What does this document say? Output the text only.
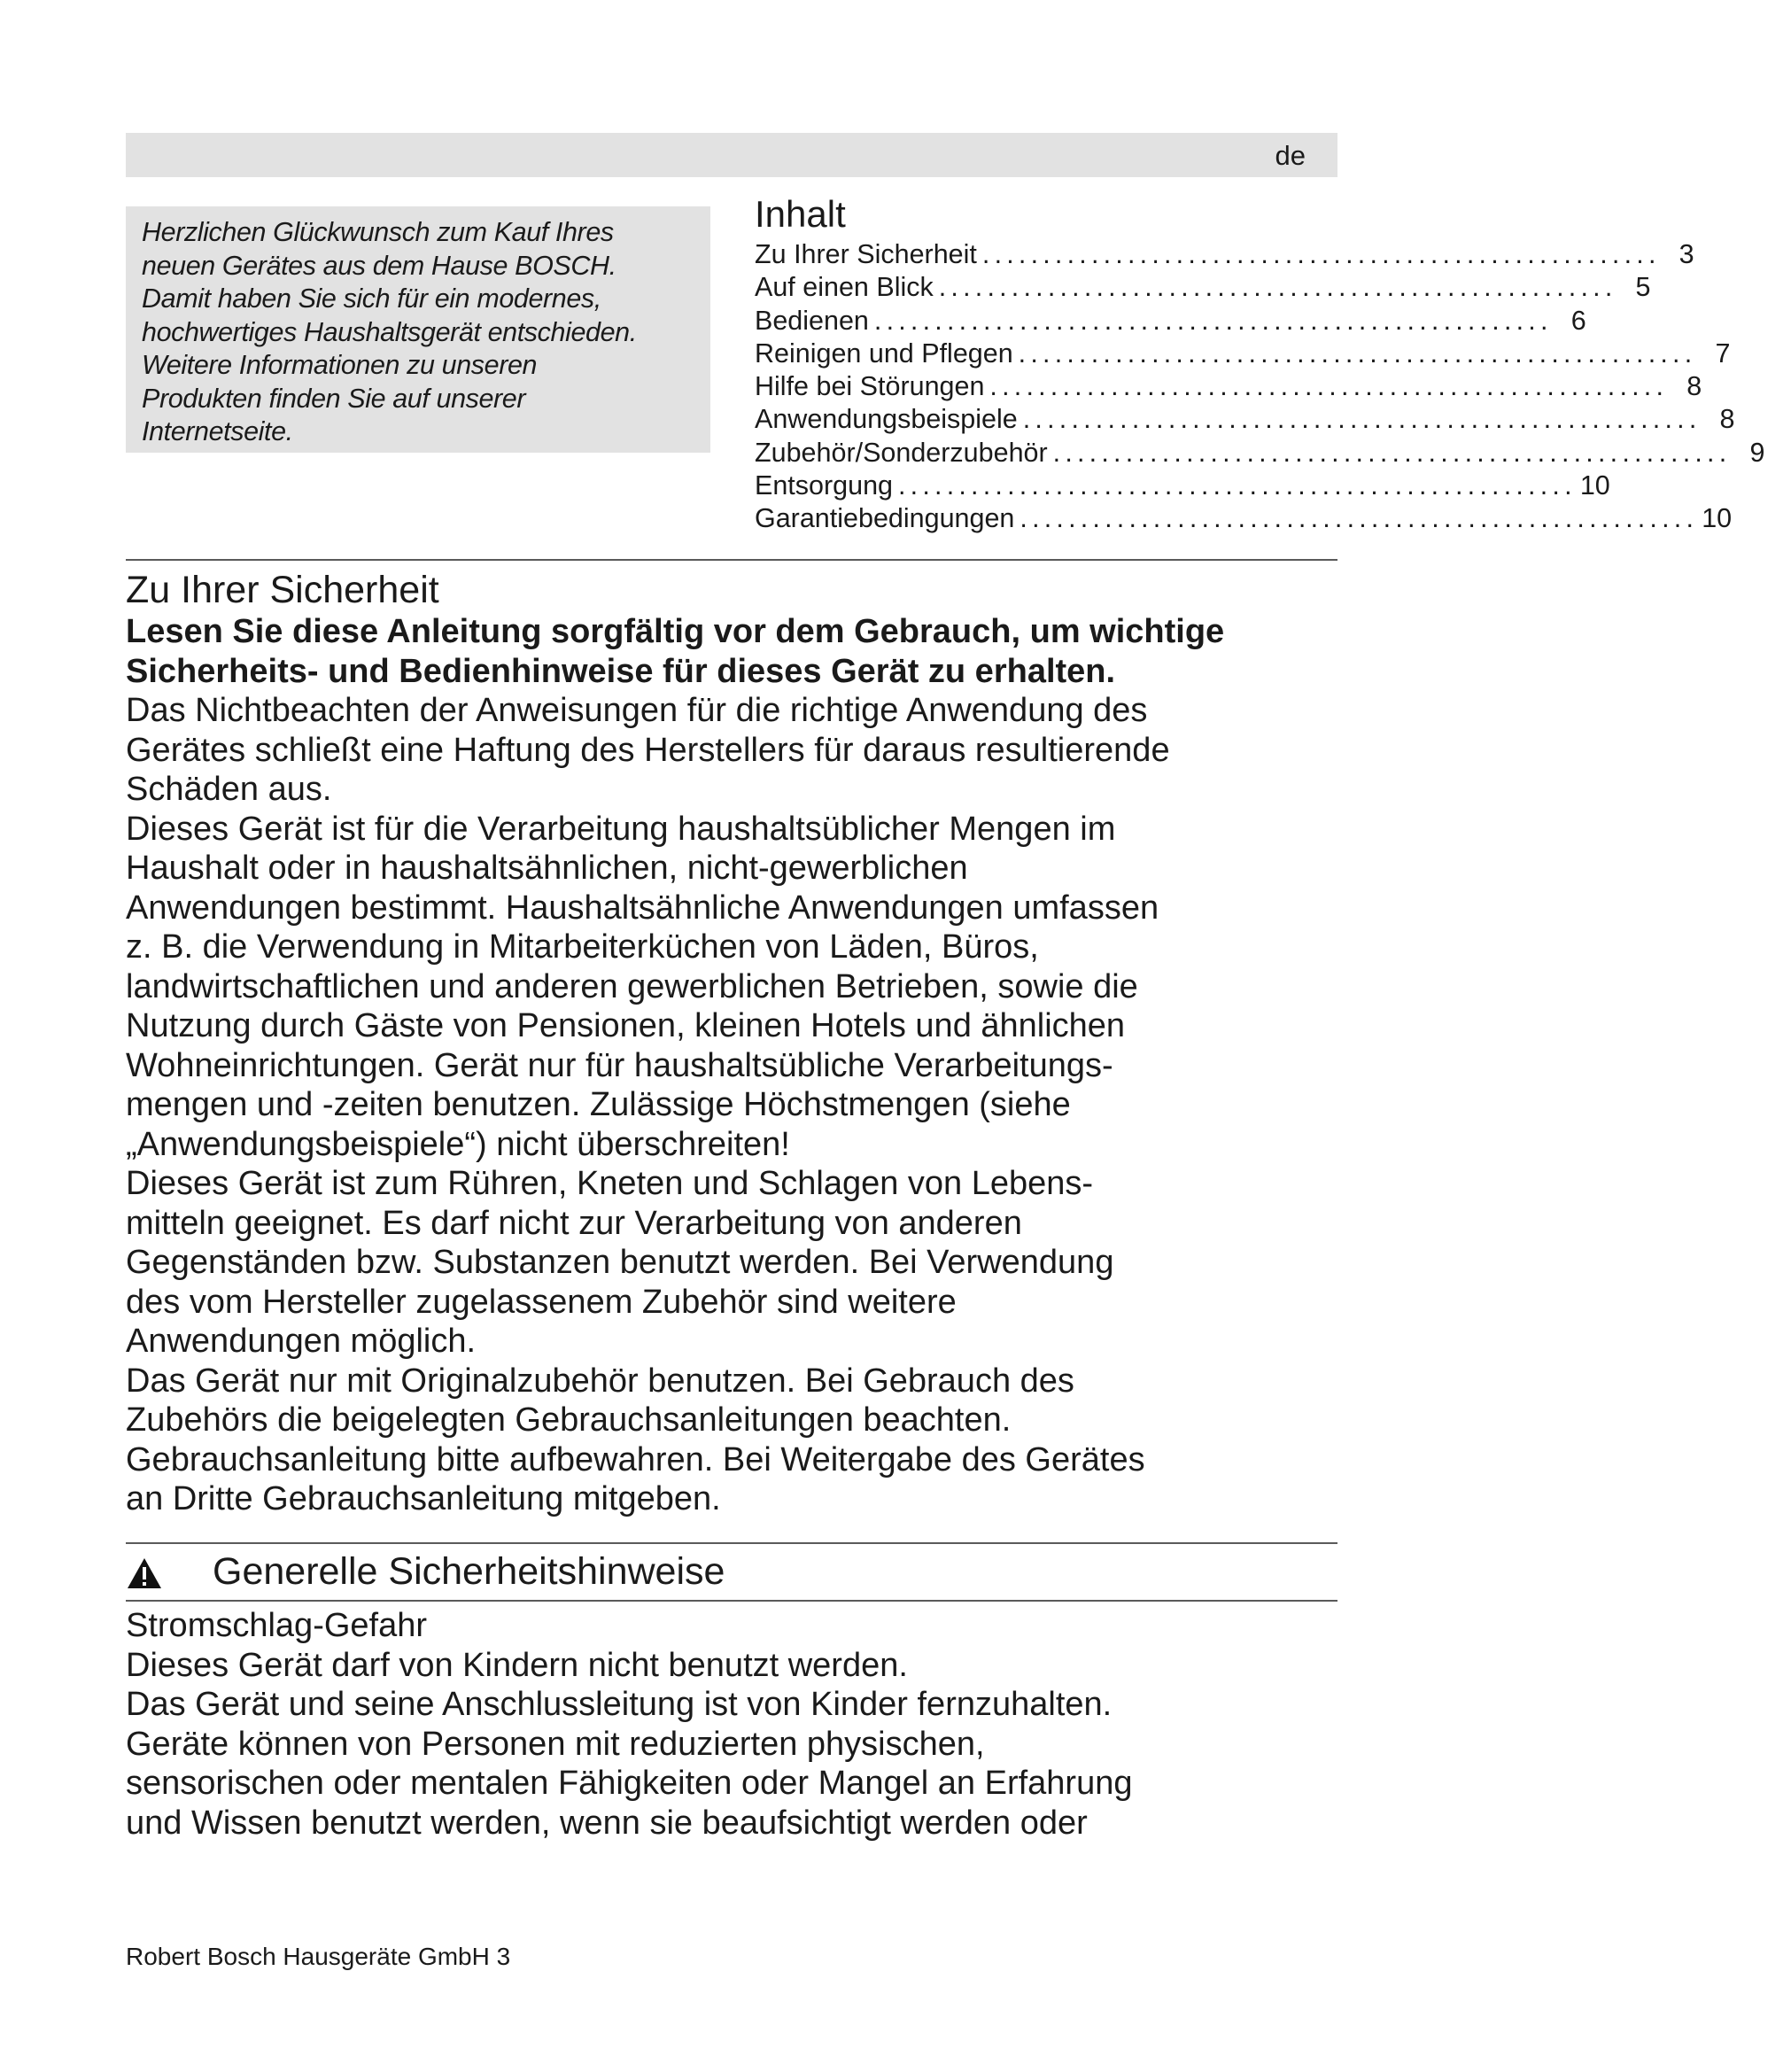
de
Herzlichen Glückwunsch zum Kauf Ihres
neuen Gerätes aus dem Hause BOSCH.
Damit haben Sie sich für ein modernes,
hochwertiges Haushaltsgerät entschieden.
Weitere Informationen zu unseren
Produkten finden Sie auf unserer
Internetseite.
Inhalt
Zu Ihrer Sicherheit ........................................................ 3
Auf einen Blick ........................................................ 5
Bedienen ........................................................ 6
Reinigen und Pflegen ........................................................ 7
Hilfe bei Störungen ........................................................ 8
Anwendungsbeispiele ........................................................ 8
Zubehör/Sonderzubehör ........................................................ 9
Entsorgung ........................................................ 10
Garantiebedingungen ........................................................ 10
Zu Ihrer Sicherheit
Lesen Sie diese Anleitung sorgfältig vor dem Gebrauch, um wichtige
Sicherheits- und Bedienhinweise für dieses Gerät zu erhalten.
Das Nichtbeachten der Anweisungen für die richtige Anwendung des
Gerätes schließt eine Haftung des Herstellers für daraus resultierende
Schäden aus.
Dieses Gerät ist für die Verarbeitung haushaltsüblicher Mengen im
Haushalt oder in haushaltsähnlichen, nicht-gewerblichen
Anwendungen bestimmt. Haushaltsähnliche Anwendungen umfassen
z. B. die Verwendung in Mitarbeiterküchen von Läden, Büros,
landwirtschaftlichen und anderen gewerblichen Betrieben, sowie die
Nutzung durch Gäste von Pensionen, kleinen Hotels und ähnlichen
Wohneinrichtungen. Gerät nur für haushaltsübliche Verarbeitungs-
mengen und -zeiten benutzen. Zulässige Höchstmengen (siehe
„Anwendungsbeispiele“) nicht überschreiten!
Dieses Gerät ist zum Rühren, Kneten und Schlagen von Lebens-
mitteln geeignet. Es darf nicht zur Verarbeitung von anderen
Gegenständen bzw. Substanzen benutzt werden. Bei Verwendung
des vom Hersteller zugelassenem Zubehör sind weitere
Anwendungen möglich.
Das Gerät nur mit Originalzubehör benutzen. Bei Gebrauch des
Zubehörs die beigelegten Gebrauchsanleitungen beachten.
Gebrauchsanleitung bitte aufbewahren. Bei Weitergabe des Gerätes
an Dritte Gebrauchsanleitung mitgeben.
Generelle Sicherheitshinweise
Stromschlag-Gefahr
Dieses Gerät darf von Kindern nicht benutzt werden.
Das Gerät und seine Anschlussleitung ist von Kinder fernzuhalten.
Geräte können von Personen mit reduzierten physischen,
sensorischen oder mentalen Fähigkeiten oder Mangel an Erfahrung
und Wissen benutzt werden, wenn sie beaufsichtigt werden oder
Robert Bosch Hausgeräte GmbH 3
